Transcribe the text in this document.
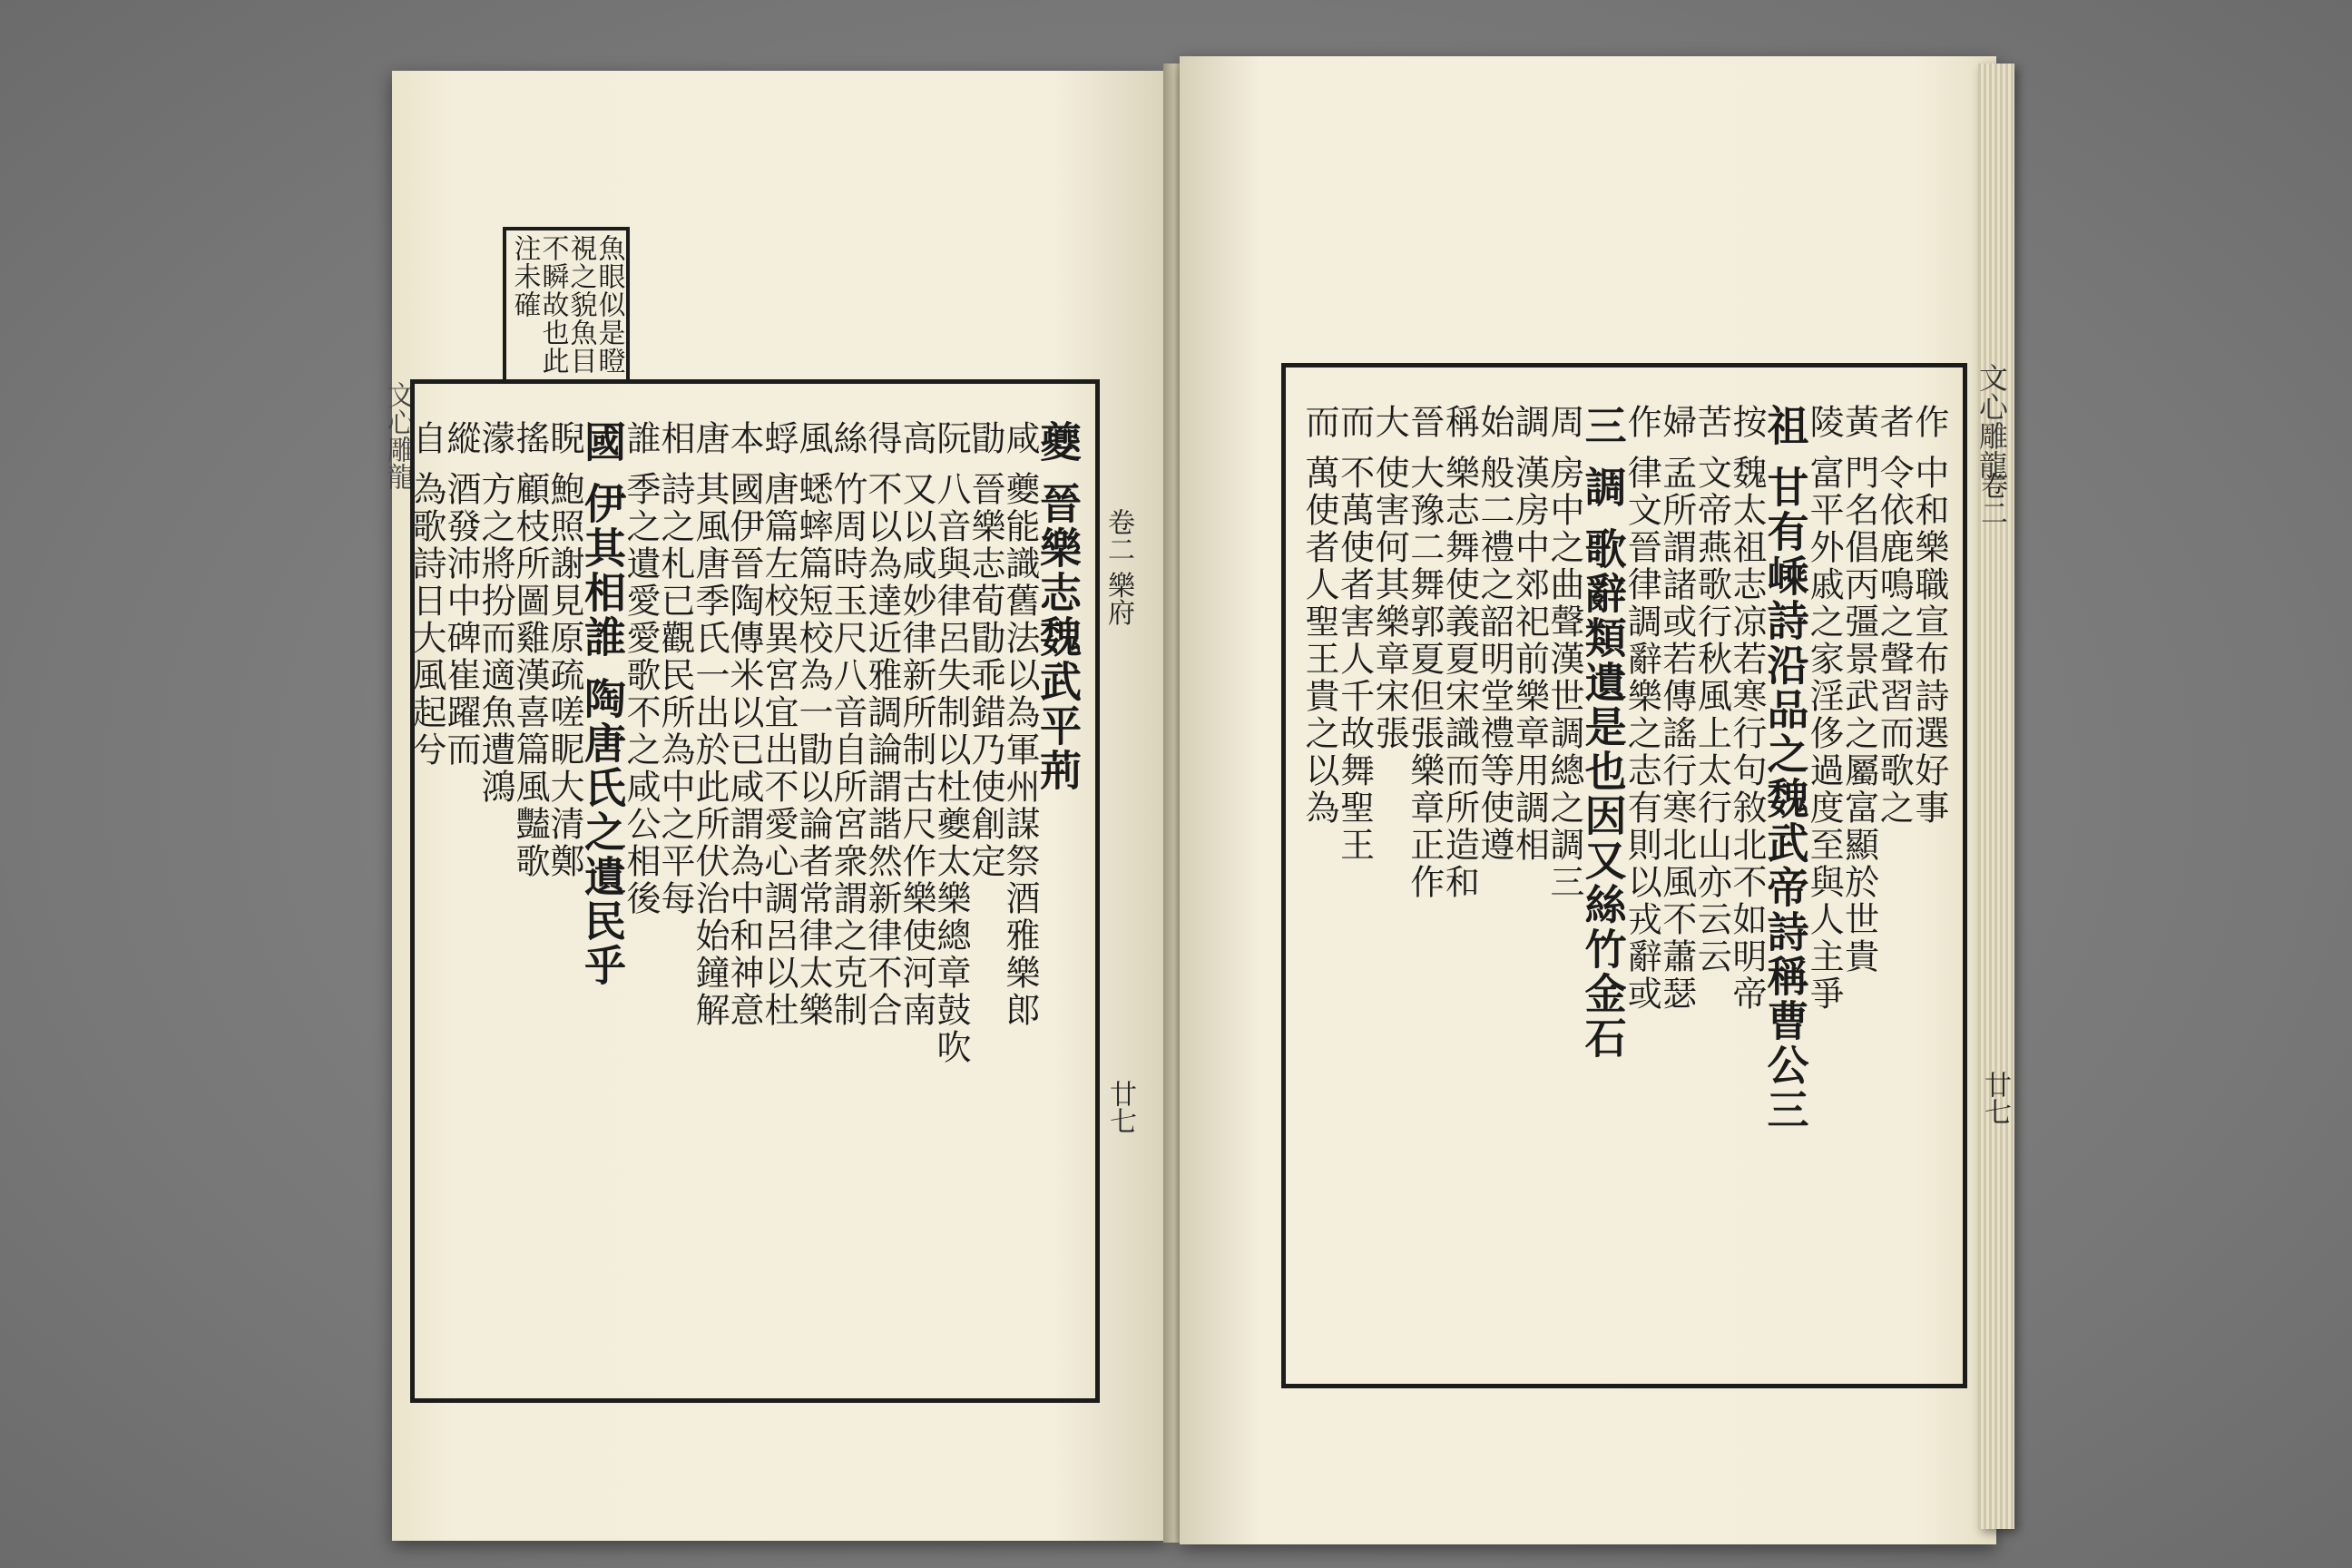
魚眼似是瞪
視之貌魚目
不瞬故也此
注未確
夔 晉樂志魏武平荊
咸 夔能識舊法以為軍州謀祭酒雅樂郎
勖 晉樂志荀勖乖錯乃使創定
阮 八音與律呂失制以杜夔太樂總章鼓吹
高 又以咸妙律新所制古尺作樂使河南
得 不以為達近雅調論謂諧然新律不合
絲 竹周時玉尺八音自所宮衆謂之克制
風 蟋蟀篇短校為一勖以論者常律太樂
蜉 唐篇左校異宮宜出不愛心調呂以杜
本 國伊晉陶傳米以已咸謂為中和神意
唐 其風唐季氏一出於此所伏治始鐘解
相 詩之札已觀民所為中之平每
誰 季之遺愛愛歌不之咸公相後
國 伊其相誰 陶唐氏之遺民乎
睨 鮑照謝見原疏嗟眤大清鄭
搖 顧枝所圖雞漢喜篇風豔歌
濛 方之將扮而適魚遭鴻
縱 酒發沛中碑崔躍而
自 為歌詩日大風起兮	卷二 樂府
廿七
文心雕龍
作 中和樂職宣布詩選好事
者 令依鹿鳴之聲習而歌之
黃 門名倡丙彊景武之屬富顯於世貴
陵 富平外戚之家淫侈過度至與人主爭
祖 甘有嵊詩沿品之魏武帝詩稱曹公三
按 魏太祖志凉若寒行句敘北不如明帝
苦 文帝燕歌行秋風上太行山亦云云
婦 孟所謂諸或若傳謠行寒北風不蕭瑟
作 律文晉律調辭樂之志有則以戎辭或
三 調 歌辭類遺是也因又絲竹金石
周 房中之曲聲漢世調總之調三
調 漢房中郊祀前樂章用調相
始 般二禮之韶明堂禮等使遵
稱 樂志舞使義夏宋識而所造和
晉 大豫二舞郭夏但張樂章正作
大 使害何其樂章宋張
而 不萬使者害人千故舞聖王
而 萬使者人聖王貴之以為	卷二
廿七
